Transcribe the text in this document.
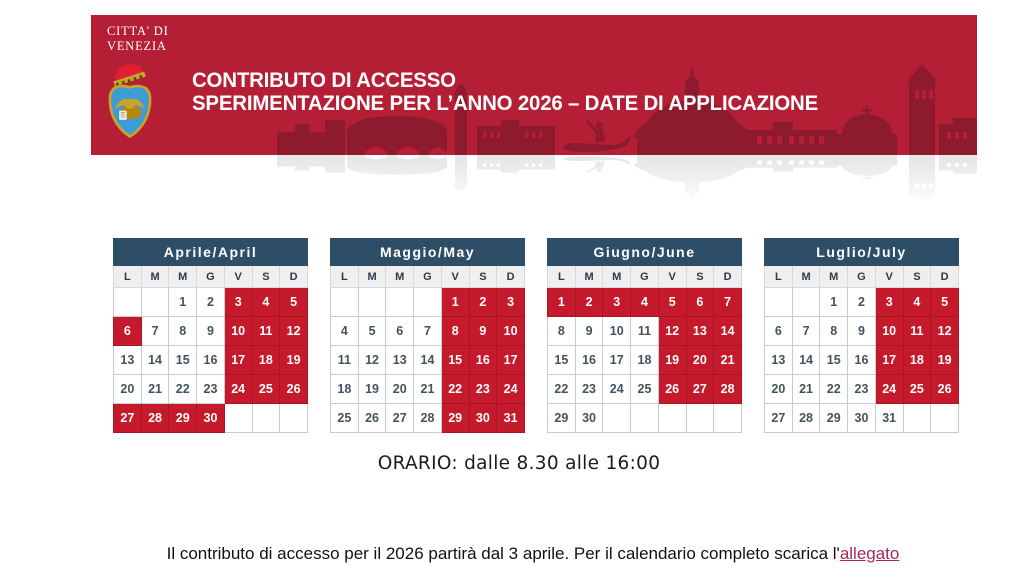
CITTA' DI
VENEZIA
CONTRIBUTO DI ACCESSO
SPERIMENTAZIONE PER L’ANNO 2026 – DATE DI APPLICAZIONE
Aprile/April						
L	M	M	G	V	S	D
		1	2	3	4	5
6	7	8	9	10	11	12
13	14	15	16	17	18	19
20	21	22	23	24	25	26
27	28	29	30			
Maggio/May						
L	M	M	G	V	S	D
				1	2	3
4	5	6	7	8	9	10
11	12	13	14	15	16	17
18	19	20	21	22	23	24
25	26	27	28	29	30	31
Giugno/June						
L	M	M	G	V	S	D
1	2	3	4	5	6	7
8	9	10	11	12	13	14
15	16	17	18	19	20	21
22	23	24	25	26	27	28
29	30					
Luglio/July						
L	M	M	G	V	S	D
		1	2	3	4	5
6	7	8	9	10	11	12
13	14	15	16	17	18	19
20	21	22	23	24	25	26
27	28	29	30	31		
ORARIO: dalle 8.30 alle 16:00
Il contributo di accesso per il 2026 partirà dal 3 aprile. Per il calendario completo scarica l'allegato
